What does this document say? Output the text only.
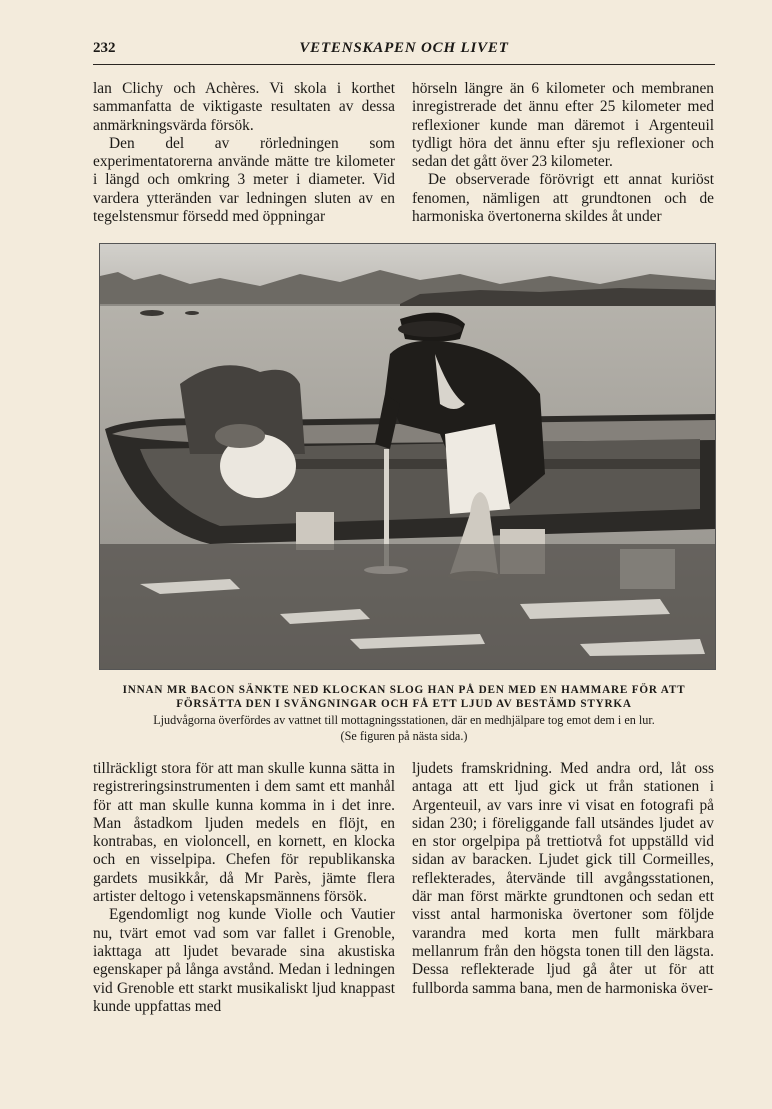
232	VETENSKAPEN OCH LIVET

lan Clichy och Achères. Vi skola i korthet sammanfatta de viktigaste resultaten av dessa anmärkningsvärda försök.

Den del av rörledningen som experimentatorerna använde mätte tre kilometer i längd och omkring 3 meter i diameter. Vid vardera ytteränden var ledningen sluten av en tegelstensmur försedd med öppningar

hörseln längre än 6 kilometer och membranen inregistrerade det ännu efter 25 kilometer med reflexioner kunde man däremot i Argenteuil tydligt höra det ännu efter sju reflexioner och sedan det gått över 23 kilometer.

De observerade förövrigt ett annat kuriöst fenomen, nämligen att grundtonen och de harmoniska övertonerna skildes åt under

INNAN MR BACON SÄNKTE NED KLOCKAN SLOG HAN PÅ DEN MED EN HAMMARE FÖR ATT FÖRSÄTTA DEN I SVÄNGNINGAR OCH FÅ ETT LJUD AV BESTÄMD STYRKA
Ljudvågorna överfördes av vattnet till mottagningsstationen, där en medhjälpare tog emot dem i en lur.
(Se figuren på nästa sida.)

tillräckligt stora för att man skulle kunna sätta in registreringsinstrumenten i dem samt ett manhål för att man skulle kunna komma in i det inre. Man åstadkom ljuden medels en flöjt, en kontrabas, en violoncell, en kornett, en klocka och en visselpipa. Chefen för republikanska gardets musikkår, då Mr Parès, jämte flera artister deltogo i vetenskapsmännens försök.

Egendomligt nog kunde Violle och Vautier nu, tvärt emot vad som var fallet i Grenoble, iakttaga att ljudet bevarade sina akustiska egenskaper på långa avstånd. Medan i ledningen vid Grenoble ett starkt musikaliskt ljud knappast kunde uppfattas med

ljudets framskridning. Med andra ord, låt oss antaga att ett ljud gick ut från stationen i Argenteuil, av vars inre vi visat en fotografi på sidan 230; i föreliggande fall utsändes ljudet av en stor orgelpipa på trettiotvå fot uppställd vid sidan av baracken. Ljudet gick till Cormeilles, reflekterades, återvände till avgångsstationen, där man först märkte grundtonen och sedan ett visst antal harmoniska övertoner som följde varandra med korta men fullt märkbara mellanrum från den högsta tonen till den lägsta. Dessa reflekterade ljud gå åter ut för att fullborda samma bana, men de harmoniska över-
